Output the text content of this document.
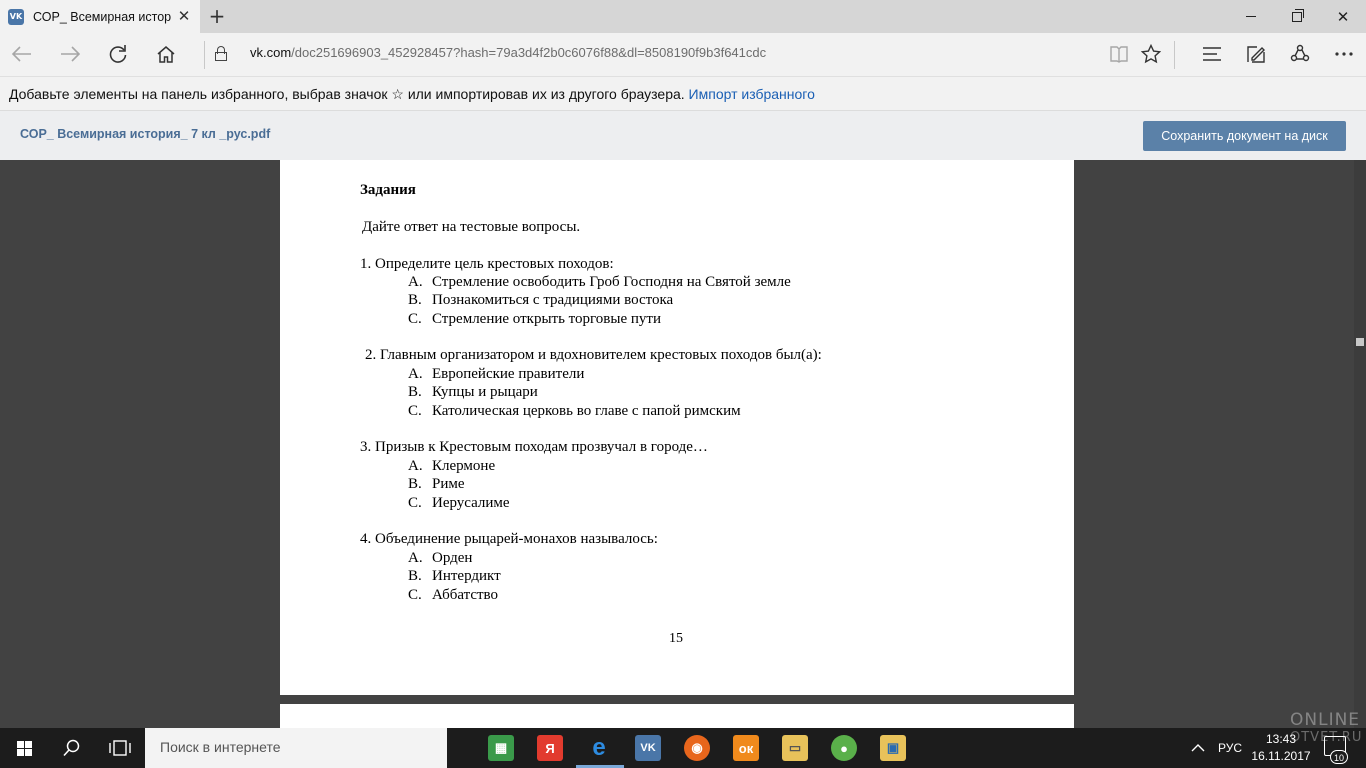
VK СОР_ Всемирная истор ✕ +	✕
vk.com/doc251696903_452928457?hash=79a3d4f2b0c6076f88&dl=8508190f9b3f641cdc
Добавьте элементы на панель избранного, выбрав значок ☆ или импортировав их из другого браузера. Импорт избранного
СОР_ Всемирная история_ 7 кл _рус.pdf	Сохранить документ на диск
Задания
Дайте ответ на тестовые вопросы.
1. Определите цель крестовых походов:
A. Стремление освободить Гроб Господня на Святой земле
B. Познакомиться с традициями востока
C. Стремление открыть торговые пути
2. Главным организатором и вдохновителем крестовых походов был(а):
A. Европейские правители
B. Купцы и рыцари
C. Католическая церковь во главе с папой римским
3. Призыв к Крестовым походам прозвучал в городе…
A. Клермоне
B. Риме
C. Иерусалиме
4. Объединение рыцарей-монахов называлось:
A. Орден
B. Интердикт
C. Аббатство
15
Поиск в интернете	▦	Я	e	VK	◉	ок	▭	●	▣	РУС
13:43
16.11.2017	10
ONLINE
OTVET.RU
